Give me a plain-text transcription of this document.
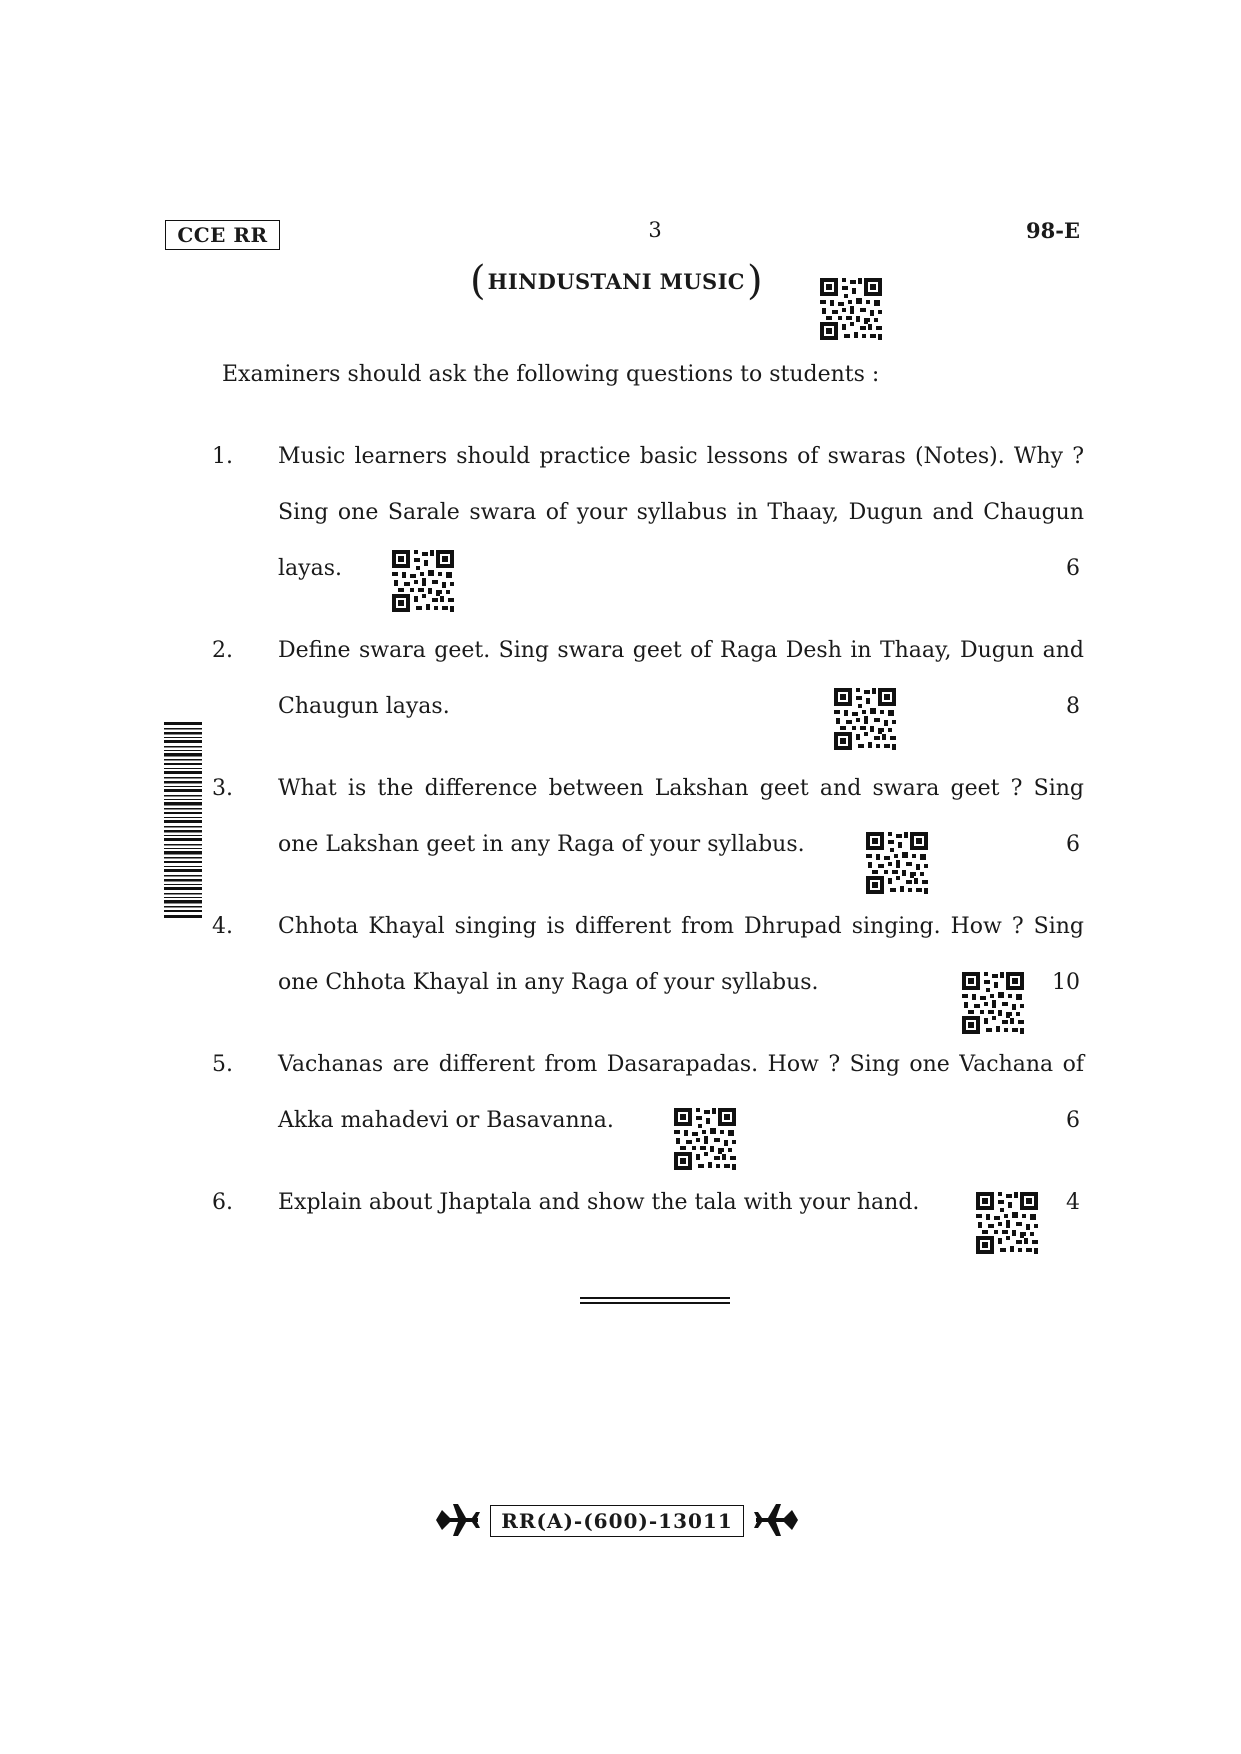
CCE RR	3	98-E
( HINDUSTANI MUSIC )
Examiners should ask the following questions to students :
1.	Music learners should practice basic lessons of swaras (Notes). Why ?
Sing one Sarale swara of your syllabus in Thaay, Dugun and Chaugun
layas.	6
2.	Define swara geet. Sing swara geet of Raga Desh in Thaay, Dugun and
Chaugun layas.	8
3.	What is the difference between Lakshan geet and swara geet ? Sing
one Lakshan geet in any Raga of your syllabus.	6
4.	Chhota Khayal singing is different from Dhrupad singing. How ? Sing
one Chhota Khayal in any Raga of your syllabus.	10
5.	Vachanas are different from Dasarapadas. How ? Sing one Vachana of
Akka mahadevi or Basavanna.	6
6.	Explain about Jhaptala and show the tala with your hand.	4
RR(A)-(600)-13011
